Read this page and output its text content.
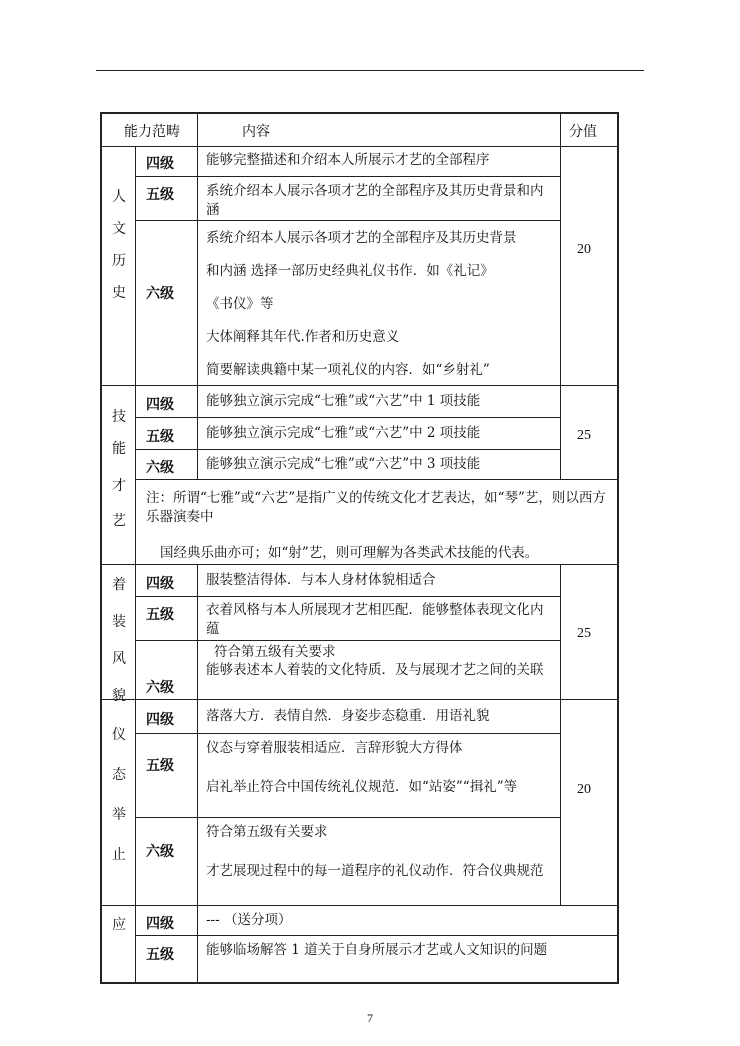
能力范畴	内容	分值
人
文
历
史
四级 能够完整描述和介绍本人所展示才艺的全部程序
五级 系统介绍本人展示各项才艺的全部程序及其历史背景和内涵
六级
系统介绍本人展示各项才艺的全部程序及其历史背景
和内涵 选择一部历史经典礼仪书作．如《礼记》
《书仪》等
大体阐释其年代.作者和历史意义
简要解读典籍中某一项礼仪的内容．如“乡射礼”
20
技
能
才
艺
四级 能够独立演示完成“七雅”或“六艺”中 1 项技能
五级 能够独立演示完成“七雅”或“六艺”中 2 项技能
六级 能够独立演示完成“七雅”或“六艺”中 3 项技能
25
注：所谓“七雅”或“六艺”是指广义的传统文化才艺表达，如“琴”艺，则以西方乐器演奏中
国经典乐曲亦可；如“射”艺，则可理解为各类武术技能的代表。
着
装
风
貌
四级 服装整洁得体．与本人身材体貌相适合
五级 衣着风格与本人所展现才艺相匹配．能够整体表现文化内蕴
六级
符合第五级有关要求
能够表述本人着装的文化特质．及与展现才艺之间的关联
25
仪
态
举
止
四级 落落大方．表情自然．身姿步态稳重．用语礼貌
五级
仪态与穿着服装相适应．言辞形貌大方得体
启礼举止符合中国传统礼仪规范．如“站姿”“揖礼”等
六级
符合第五级有关要求
才艺展现过程中的每一道程序的礼仪动作．符合仪典规范
20
应 四级 --- （送分项）
五级 能够临场解答 1 道关于自身所展示才艺或人文知识的问题
7
